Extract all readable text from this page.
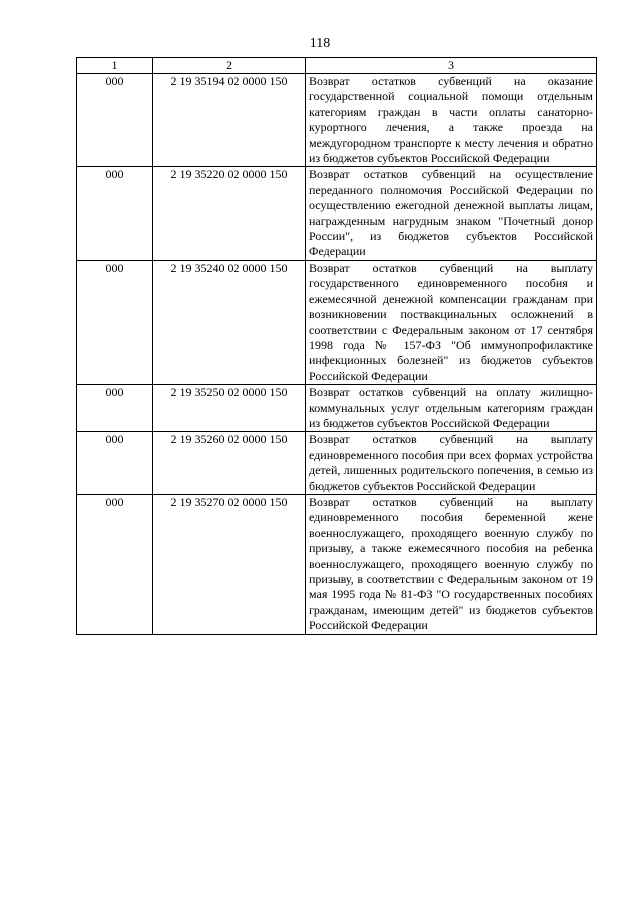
118
1	2	3
000	2 19 35194 02 0000 150	Возврат остатков субвенций на оказание государственной социальной помощи отдельным категориям граждан в части оплаты санаторно-курортного лечения, а также проезда на междугородном транспорте к месту лечения и обратно из бюджетов субъектов Российской Федерации
000	2 19 35220 02 0000 150	Возврат остатков субвенций на осуществление переданного полномочия Российской Федерации по осуществлению ежегодной денежной выплаты лицам, награжденным нагрудным знаком "Почетный донор России", из бюджетов субъектов Российской Федерации
000	2 19 35240 02 0000 150	Возврат остатков субвенций на выплату государственного единовременного пособия и ежемесячной денежной компенсации гражданам при возникновении поствакцинальных осложнений в соответствии с Федеральным законом от 17 сентября 1998 года № 157-ФЗ "Об иммунопрофилактике инфекционных болезней" из бюджетов субъектов Российской Федерации
000	2 19 35250 02 0000 150	Возврат остатков субвенций на оплату жилищно-коммунальных услуг отдельным категориям граждан из бюджетов субъектов Российской Федерации
000	2 19 35260 02 0000 150	Возврат остатков субвенций на выплату единовременного пособия при всех формах устройства детей, лишенных родительского попечения, в семью из бюджетов субъектов Российской Федерации
000	2 19 35270 02 0000 150	Возврат остатков субвенций на выплату единовременного пособия беременной жене военнослужащего, проходящего военную службу по призыву, а также ежемесячного пособия на ребенка военнослужащего, проходящего военную службу по призыву, в соответствии с Федеральным законом от 19 мая 1995 года № 81-ФЗ "О государственных пособиях гражданам, имеющим детей" из бюджетов субъектов Российской Федерации
